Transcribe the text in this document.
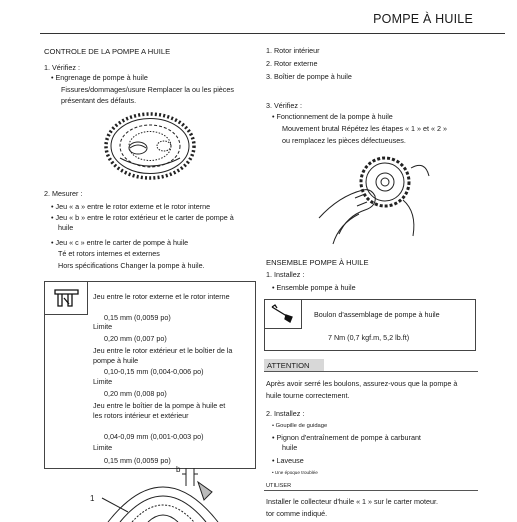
POMPE À HUILE
CONTROLE DE LA POMPE A HUILE
1. Vérifiez :
• Engrenage de pompe à huile
Fissures/dommages/usure Remplacer la ou les pièces
présentant des défauts.
2. Mesurer :
• Jeu « a » entre le rotor externe et le rotor interne
• Jeu « b » entre le rotor extérieur et le carter de pompe à
huile
• Jeu « c » entre le carter de pompe à huile
Té et rotors internes et externes
Hors spécifications Changer la pompe à huile.
Jeu entre le rotor externe et le rotor interne
0,15 mm (0,0059 po)
Limite
0,20 mm (0,007 po)
Jeu entre le rotor extérieur et le boîtier de la
pompe à huile
0,10-0,15 mm (0,004-0,006 po)
Limite
0,20 mm (0,008 po)
Jeu entre le boîtier de la pompe à huile et
les rotors intérieur et extérieur
0,04-0,09 mm (0,001-0,003 po)
Limite
0,15 mm (0,0059 po)
b
1
1. Rotor intérieur
2. Rotor externe
3. Boîtier de pompe à huile
3. Vérifiez :
• Fonctionnement de la pompe à huile
Mouvement brutal Répétez les étapes « 1 » et « 2 »
ou remplacez les pièces défectueuses.
ENSEMBLE POMPE À HUILE
1. Installez :
• Ensemble pompe à huile
Boulon d'assemblage de pompe à huile
7 Nm (0,7 kgf.m, 5,2 lb.ft)
ATTENTION
Après avoir serré les boulons, assurez-vous que la pompe à
huile tourne correctement.
2. Installez :
• Goupille de guidage
• Pignon d'entraînement de pompe à carburant
huile
• Laveuse
• Une époque troublée
UTILISER
Installer le collecteur d'huile « 1 » sur le carter moteur.
tor comme indiqué.
